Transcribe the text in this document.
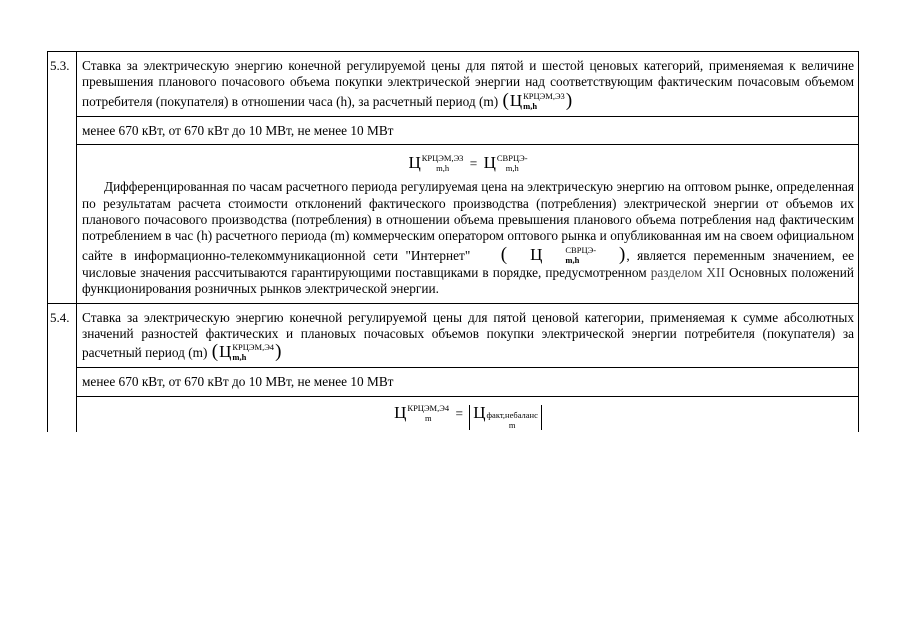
5.3. Ставка за электрическую энергию конечной регулируемой цены для пятой и шестой ценовых категорий, применяемая к величине превышения планового почасового объема покупки электрической энергии над соответствующим фактическим почасовым объемом потребителя (покупателя) в отношении часа (h), за расчетный период (m) ( Ц КРЦЭМ,Э3
m,h	)
менее 670 кВт, от 670 кВт до 10 МВт, не менее 10 МВт
Ц КРЦЭМ,Э3
m,h	= Ц СВРЦЭ-
m,h
Дифференцированная по часам расчетного периода регулируемая цена на электрическую энергию на оптовом рынке, определенная по результатам расчета стоимости отклонений фактического производства (потребления) электрической энергии от объемов их планового почасового производства (потребления) в отношении объема превышения планового объема потребления над фактическим потреблением в час (h) расчетного периода (m) коммерческим оператором оптового рынка и опубликованная им на своем официальном сайте в информационно-телекоммуникационной сети "Интернет"	(	Ц	СВРЦЭ-
m,h	) , является переменным значением, ее числовые значения рассчитываются гарантирующими поставщиками в порядке, предусмотренном разделом XII Основных положений функционирования розничных рынков электрической энергии.
5.4. Ставка за электрическую энергию конечной регулируемой цены для пятой ценовой категории, применяемая к сумме абсолютных значений разностей фактических и плановых почасовых объемов покупки электрической энергии потребителя (покупателя) за расчетный период (m) ( Ц КРЦЭМ,Э4
m,h	)
менее 670 кВт, от 670 кВт до 10 МВт, не менее 10 МВт
Ц КРЦЭМ,Э4
m	= Ц факт,небаланс
m
